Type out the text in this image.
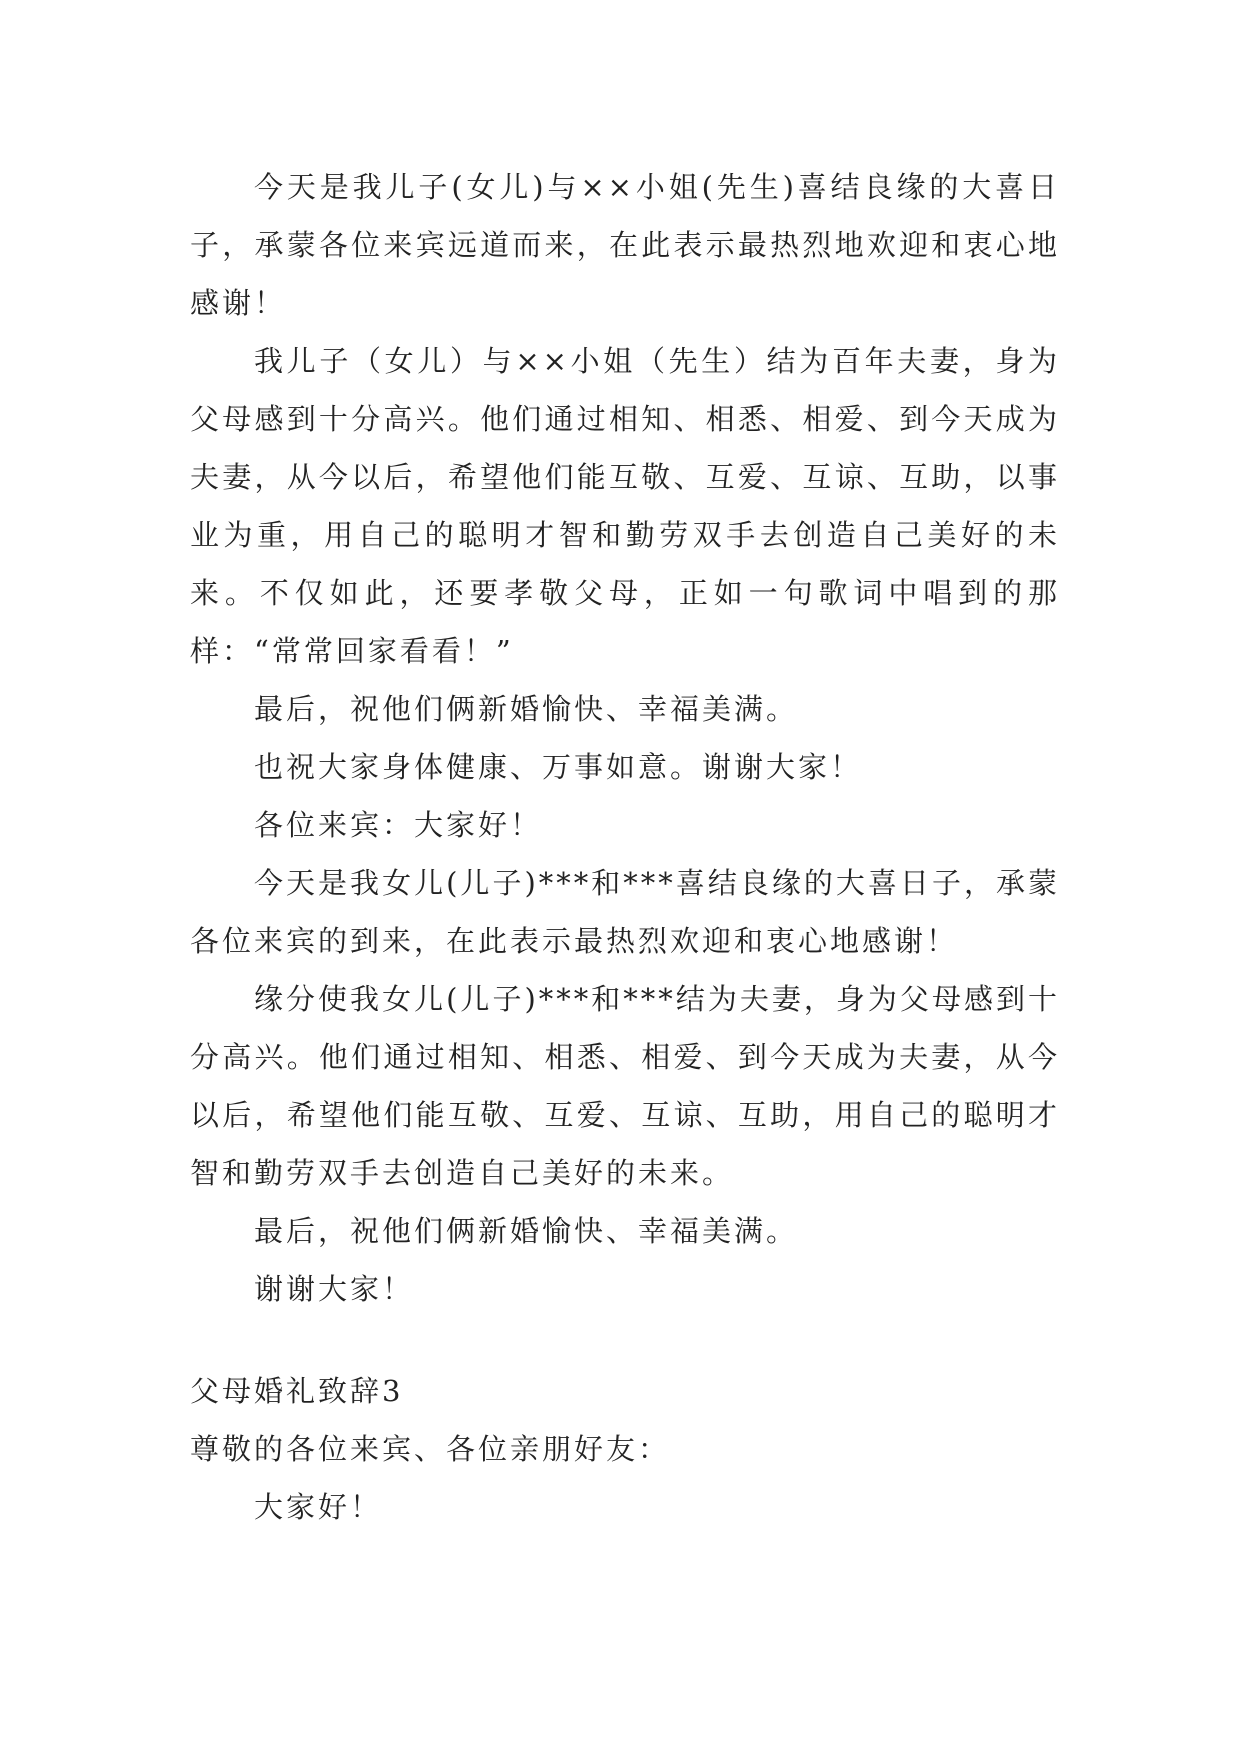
今天是我儿子(女儿)与××小姐(先生)喜结良缘的大喜日子，承蒙各位来宾远道而来，在此表示最热烈地欢迎和衷心地感谢！

我儿子（女儿）与××小姐（先生）结为百年夫妻，身为父母感到十分高兴。他们通过相知、相悉、相爱、到今天成为夫妻，从今以后，希望他们能互敬、互爱、互谅、互助，以事业为重，用自己的聪明才智和勤劳双手去创造自己美好的未来。不仅如此，还要孝敬父母，正如一句歌词中唱到的那样：“常常回家看看！”

最后，祝他们俩新婚愉快、幸福美满。

也祝大家身体健康、万事如意。谢谢大家！

各位来宾：大家好！

今天是我女儿(儿子)***和***喜结良缘的大喜日子，承蒙各位来宾的到来，在此表示最热烈欢迎和衷心地感谢！

缘分使我女儿(儿子)***和***结为夫妻，身为父母感到十分高兴。他们通过相知、相悉、相爱、到今天成为夫妻，从今以后，希望他们能互敬、互爱、互谅、互助，用自己的聪明才智和勤劳双手去创造自己美好的未来。

最后，祝他们俩新婚愉快、幸福美满。

谢谢大家！

父母婚礼致辞3

尊敬的各位来宾、各位亲朋好友：

大家好！
